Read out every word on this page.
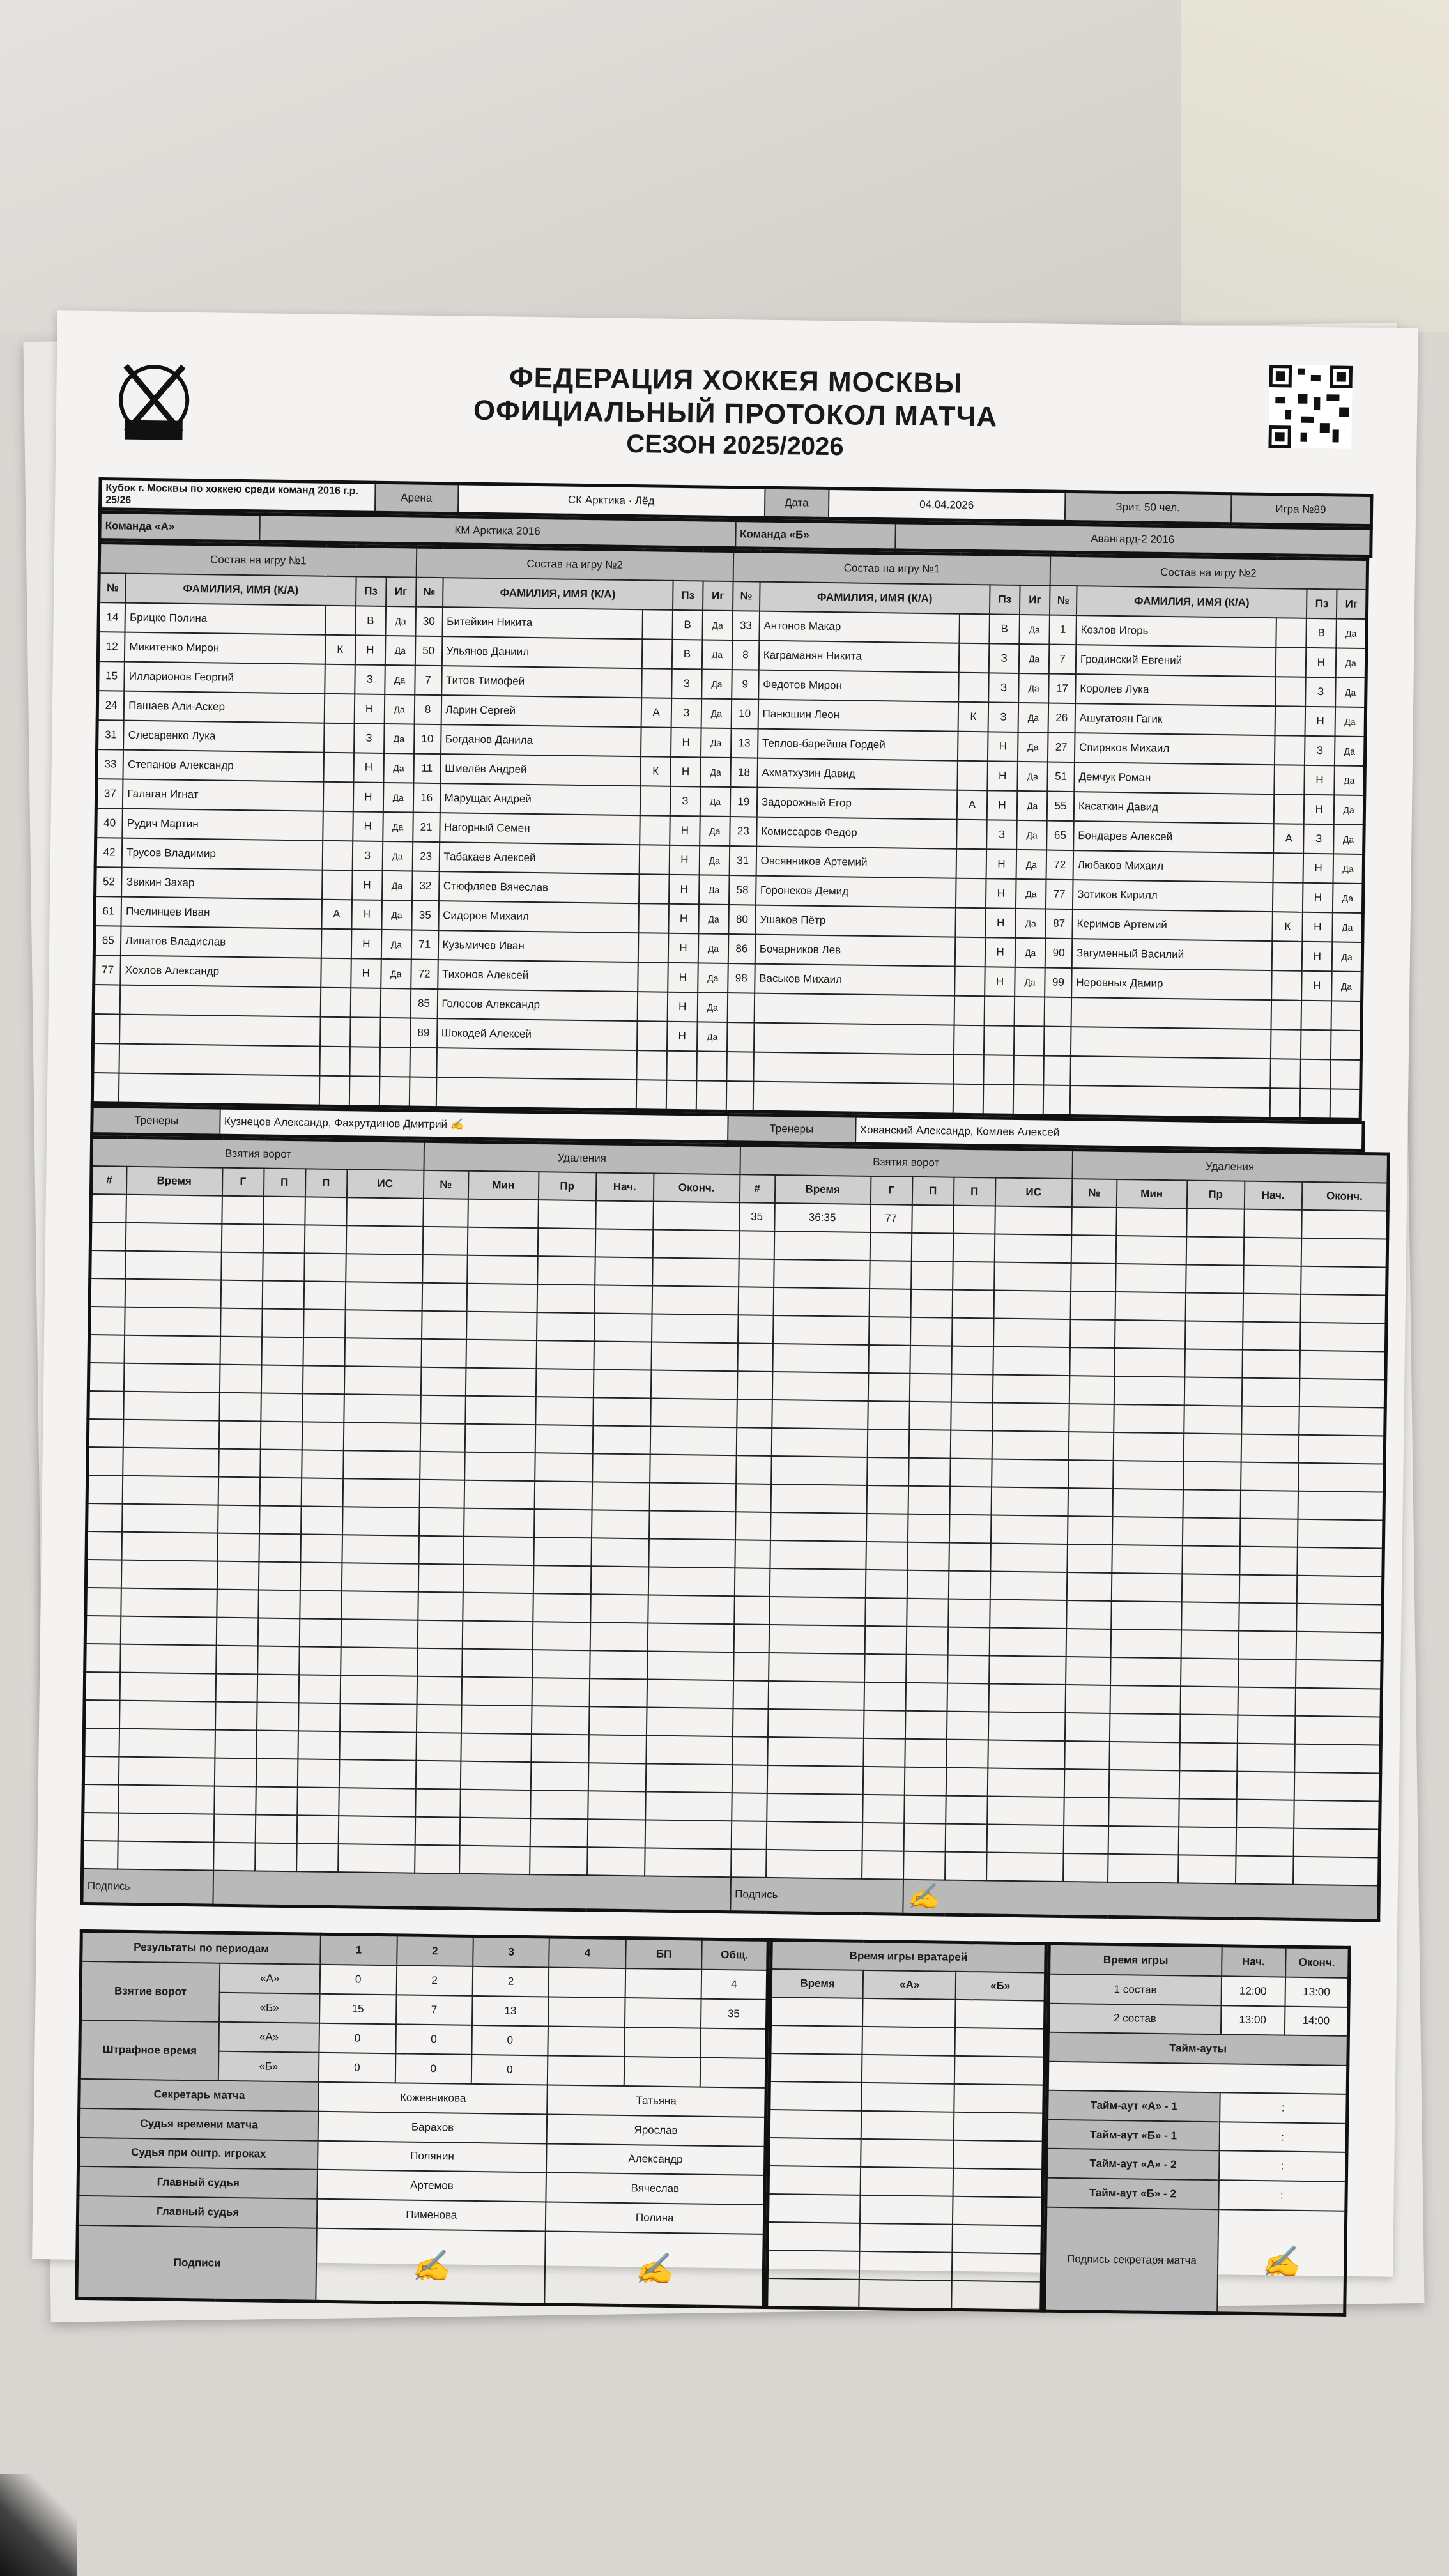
ФЕДЕРАЦИЯ ХОККЕЯ МОСКВЫ
ОФИЦИАЛЬНЫЙ ПРОТОКОЛ МАТЧА
СЕЗОН 2025/2026
Кубок г. Москвы по хоккею среди команд 2016 г.р. 25/26	Арена	СК Арктика · Лёд	Дата	04.04.2026	Зрит. 50 чел.	Игра №89
Команда «А»	КМ Арктика 2016	Команда «Б»	Авангард-2 2016
Состав на игру №1					Состав на игру №2					Состав на игру №1					Состав на игру №2				
№	ФАМИЛИЯ, ИМЯ (К/А)		Пз	Иг	№	ФАМИЛИЯ, ИМЯ (К/А)		Пз	Иг	№	ФАМИЛИЯ, ИМЯ (К/А)		Пз	Иг	№	ФАМИЛИЯ, ИМЯ (К/А)		Пз	Иг
14	Брицко Полина		В	Да	30	Битейкин Никита		В	Да	33	Антонов Макар		В	Да	1	Козлов Игорь		В	Да
12	Микитенко Мирон	К	Н	Да	50	Ульянов Даниил		В	Да	8	Каграманян Никита		З	Да	7	Гродинский Евгений		Н	Да
15	Илларионов Георгий		З	Да	7	Титов Тимофей		З	Да	9	Федотов Мирон		З	Да	17	Королев Лука		З	Да
24	Пашаев Али-Аскер		Н	Да	8	Ларин Сергей	А	З	Да	10	Панюшин Леон	К	З	Да	26	Ашугатоян Гагик		Н	Да
31	Слесаренко Лука		З	Да	10	Богданов Данила		Н	Да	13	Теплов-барейша Гордей		Н	Да	27	Спиряков Михаил		З	Да
33	Степанов Александр		Н	Да	11	Шмелёв Андрей	К	Н	Да	18	Ахматхузин Давид		Н	Да	51	Демчук Роман		Н	Да
37	Галаган Игнат		Н	Да	16	Марущак Андрей		З	Да	19	Задорожный Егор	А	Н	Да	55	Касаткин Давид		Н	Да
40	Рудич Мартин		Н	Да	21	Нагорный Семен		Н	Да	23	Комиссаров Федор		З	Да	65	Бондарев Алексей	А	З	Да
42	Трусов Владимир		З	Да	23	Табакаев Алексей		Н	Да	31	Овсянников Артемий		Н	Да	72	Любаков Михаил		Н	Да
52	Звикин Захар		Н	Да	32	Стюфляев Вячеслав		Н	Да	58	Горонеков Демид		Н	Да	77	Зотиков Кирилл		Н	Да
61	Пчелинцев Иван	А	Н	Да	35	Сидоров Михаил		Н	Да	80	Ушаков Пётр		Н	Да	87	Керимов Артемий	К	Н	Да
65	Липатов Владислав		Н	Да	71	Кузьмичев Иван		Н	Да	86	Бочарников Лев		Н	Да	90	Загуменный Василий		Н	Да
77	Хохлов Александр		Н	Да	72	Тихонов Алексей		Н	Да	98	Васьков Михаил		Н	Да	99	Неровных Дамир		Н	Да
					85	Голосов Александр		Н	Да										
					89	Шокодей Алексей		Н	Да										

Тренеры	Кузнецов Александр, Фахрутдинов Дмитрий ✍	Тренеры	Хованский Александр, Комлев Алексей
Взятия ворот						Удаления					Взятия ворот						Удаления				
#	Время	Г	П	П	ИС	№	Мин	Пр	Нач.	Оконч.	#	Время	Г	П	П	ИС	№	Мин	Пр	Нач.	Оконч.
											35	36:35	77								

Подпись											Подпись			✍							
Результаты по периодам		1	2	3	4	БП	Общ.
Взятие ворот	«А»	0	2	2			4
	«Б»	15	7	13			35
Штрафное время	«А»	0	0	0			
	«Б»	0	0	0			
Секретарь матча		Кожевникова			Татьяна		
Судья времени матча		Барахов			Ярослав		
Судья при оштр. игроках		Полянин			Александр		
Главный судья		Артемов			Вячеслав		
Главный судья		Пименова			Полина		
Подписи		✍			✍		
Время игры вратарей		
Время	«А»	«Б»

Время игры	Нач.	Оконч.
1 состав	12:00	13:00
2 состав	13:00	14:00
Тайм-ауты		

Тайм-аут «А» - 1	:	
Тайм-аут «Б» - 1	:	
Тайм-аут «А» - 2	:	
Тайм-аут «Б» - 2	:	
Подпись секретаря матча	✍	
